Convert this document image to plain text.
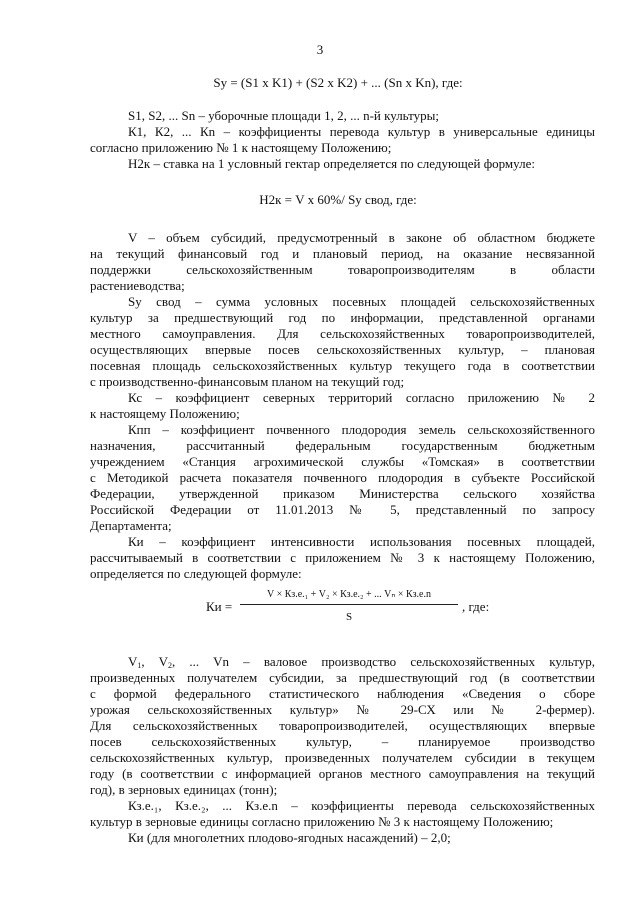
3
Sy = (S1 x K1) + (S2 x K2) + ... (Sn x Kn), где:

S1, S2, ... Sn – уборочные площади 1, 2, ... n-й культуры;

К1, К2, ... Кn – коэффициенты перевода культур в универсальные единицы

согласно приложению № 1 к настоящему Положению;

Н2к – ставка на 1 условный гектар определяется по следующей формуле:

Н2к = V х 60%/ Sy свод, где:

V – объем субсидий, предусмотренный в законе об областном бюджете

на текущий финансовый год и плановый период, на оказание несвязанной

поддержки сельскохозяйственным товаропроизводителям в области

растениеводства;

Sy свод – сумма условных посевных площадей сельскохозяйственных

культур за предшествующий год по информации, представленной органами

местного самоуправления. Для сельскохозяйственных товаропроизводителей,

осуществляющих впервые посев сельскохозяйственных культур, – плановая

посевная площадь сельскохозяйственных культур текущего года в соответствии

с производственно-финансовым планом на текущий год;

Кс – коэффициент северных территорий согласно приложению № 2

к настоящему Положению;

Кпп – коэффициент почвенного плодородия земель сельскохозяйственного

назначения, рассчитанный федеральным государственным бюджетным

учреждением «Станция агрохимической службы «Томская» в соответствии

с Методикой расчета показателя почвенного плодородия в субъекте Российской

Федерации, утвержденной приказом Министерства сельского хозяйства

Российской Федерации от 11.01.2013 № 5, представленный по запросу

Департамента;

Ки – коэффициент интенсивности использования посевных площадей,

рассчитываемый в соответствии с приложением № 3 к настоящему Положению,

определяется по следующей формуле:

Ки =
V × Кз.е.₁ + V₂ × Кз.е.₂ + ... Vₙ × Кз.е.n
S
, где:

$V_1$, $V_2$, ... Vn – валовое производство сельскохозяйственных культур,

произведенных получателем субсидии, за предшествующий год (в соответствии

с формой федерального статистического наблюдения «Сведения о сборе

урожая сельскохозяйственных культур» № 29-СХ или № 2-фермер).

Для сельскохозяйственных товаропроизводителей, осуществляющих впервые

посев сельскохозяйственных культур, – планируемое производство

сельскохозяйственных культур, произведенных получателем субсидии в текущем

году (в соответствии с информацией органов местного самоуправления на текущий

год), в зерновых единицах (тонн);

Кз.е.₁, Кз.е.₂, ... Кз.е.n – коэффициенты перевода сельскохозяйственных

культур в зерновые единицы согласно приложению № 3 к настоящему Положению;

Ки (для многолетних плодово-ягодных насаждений) – 2,0;
